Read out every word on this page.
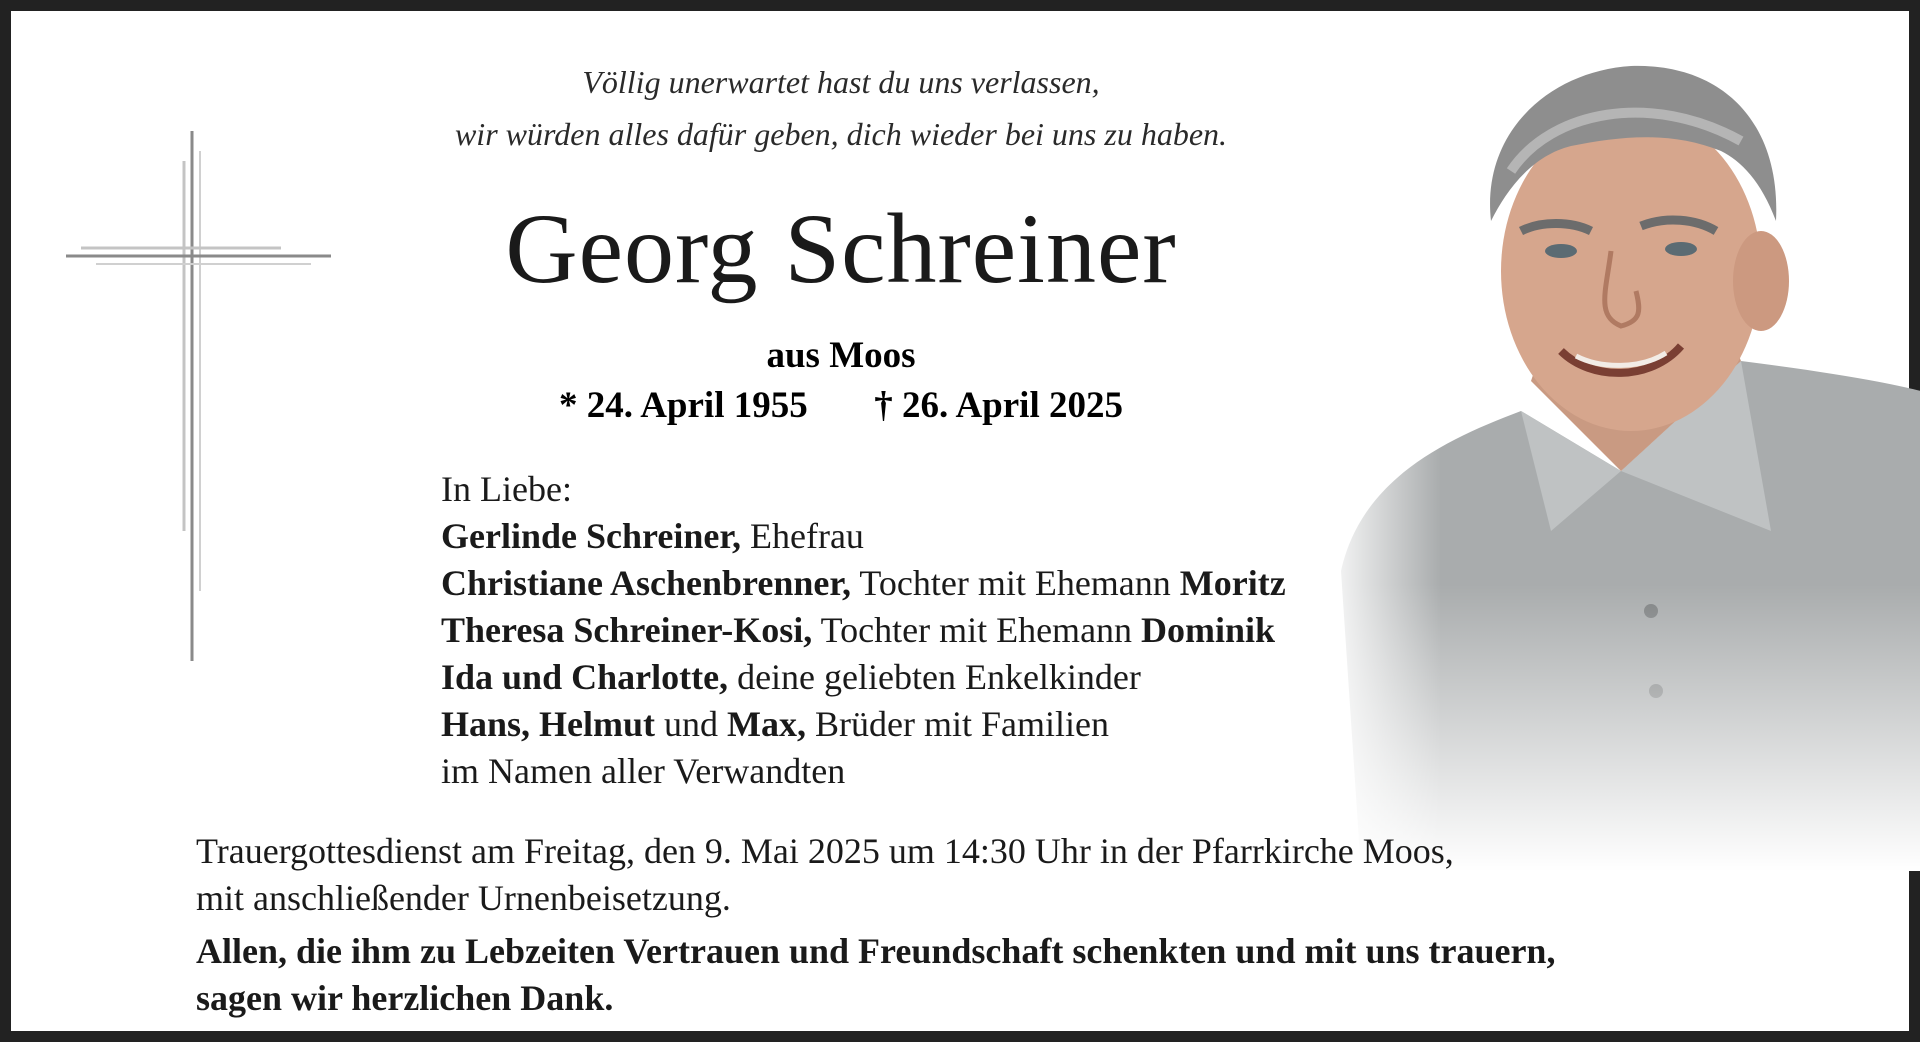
Völlig unerwartet hast du uns verlassen,
wir würden alles dafür geben, dich wieder bei uns zu haben.
Georg Schreiner
aus Moos
* 24. April 1955 † 26. April 2025
In Liebe:
Gerlinde Schreiner, Ehefrau
Christiane Aschenbrenner, Tochter mit Ehemann Moritz
Theresa Schreiner-Kosi, Tochter mit Ehemann Dominik
Ida und Charlotte, deine geliebten Enkelkinder
Hans, Helmut und Max, Brüder mit Familien
im Namen aller Verwandten
Trauergottesdienst am Freitag, den 9. Mai 2025 um 14:30 Uhr in der Pfarrkirche Moos,
mit anschließender Urnenbeisetzung.
Allen, die ihm zu Lebzeiten Vertrauen und Freundschaft schenkten und mit uns trauern,
sagen wir herzlichen Dank.
